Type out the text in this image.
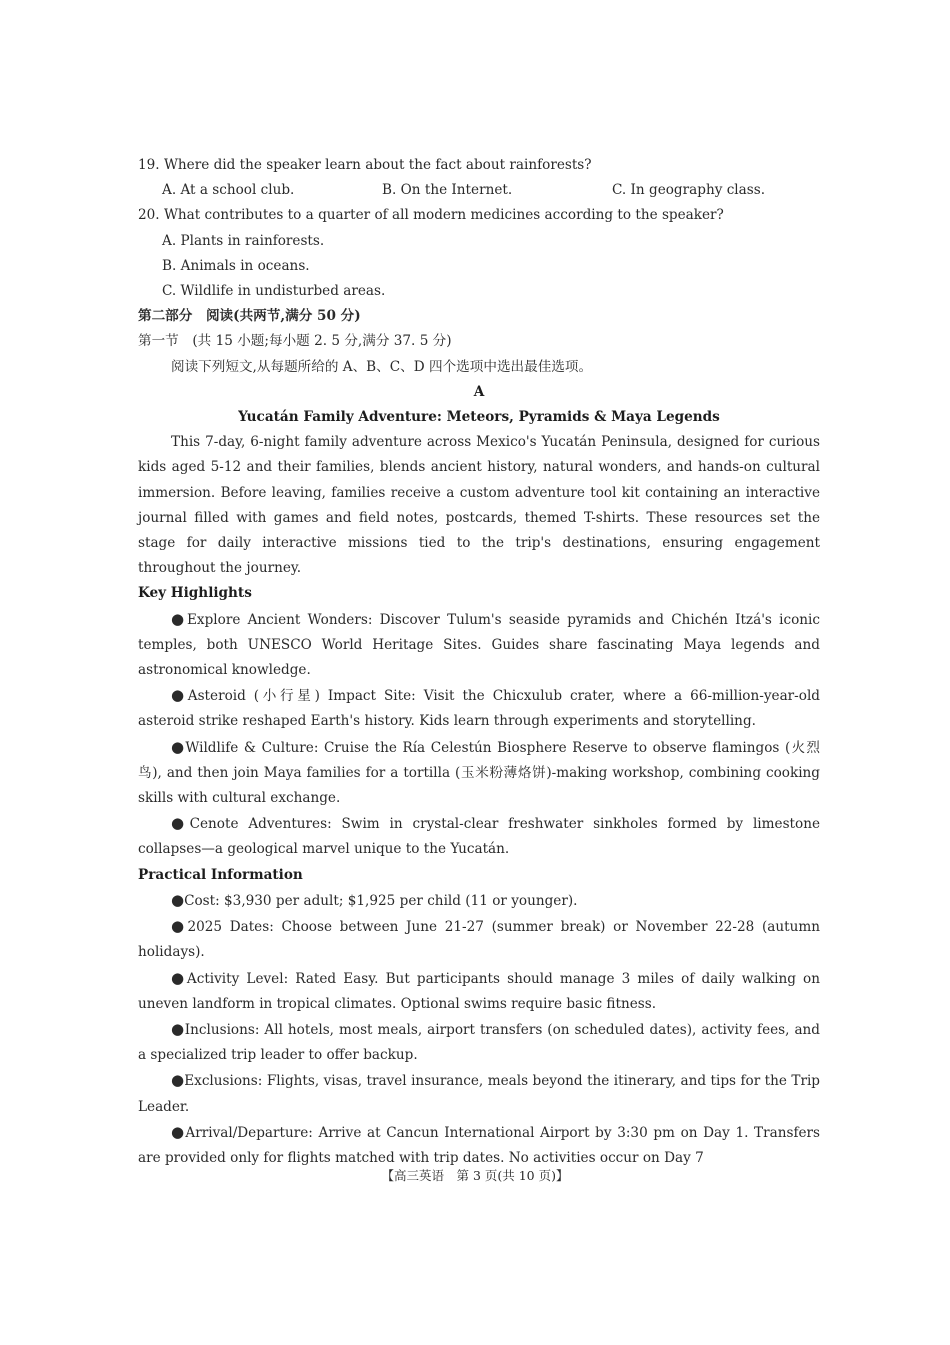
19. Where did the speaker learn about the fact about rainforests?
A. At a school club.	B. On the Internet.	C. In geography class.
20. What contributes to a quarter of all modern medicines according to the speaker?
A. Plants in rainforests.
B. Animals in oceans.
C. Wildlife in undisturbed areas.
第二部分　阅读(共两节,满分 50 分)
第一节　(共 15 小题;每小题 2. 5 分,满分 37. 5 分)
阅读下列短文,从每题所给的 A、B、C、D 四个选项中选出最佳选项。
A
Yucatán Family Adventure: Meteors, Pyramids & Maya Legends

This 7-day, 6-night family adventure across Mexico's Yucatán Peninsula, designed for curious kids aged 5-12 and their families, blends ancient history, natural wonders, and hands-on cultural immersion. Before leaving, families receive a custom adventure tool kit containing an interactive journal filled with games and field notes, postcards, themed T-shirts. These resources set the stage for daily interactive missions tied to the trip's destinations, ensuring engagement throughout the journey.

Key Highlights

●Explore Ancient Wonders: Discover Tulum's seaside pyramids and Chichén Itzá's iconic temples, both UNESCO World Heritage Sites. Guides share fascinating Maya legends and astronomical knowledge.

●Asteroid (小行星) Impact Site: Visit the Chicxulub crater, where a 66-million-year-old asteroid strike reshaped Earth's history. Kids learn through experiments and storytelling.

●Wildlife & Culture: Cruise the Ría Celestún Biosphere Reserve to observe flamingos (火烈鸟), and then join Maya families for a tortilla (玉米粉薄烙饼)-making workshop, combining cooking skills with cultural exchange.

●Cenote Adventures: Swim in crystal-clear freshwater sinkholes formed by limestone collapses—a geological marvel unique to the Yucatán.

Practical Information

●Cost: $3,930 per adult; $1,925 per child (11 or younger).

●2025 Dates: Choose between June 21-27 (summer break) or November 22-28 (autumn holidays).

●Activity Level: Rated Easy. But participants should manage 3 miles of daily walking on uneven landform in tropical climates. Optional swims require basic fitness.

●Inclusions: All hotels, most meals, airport transfers (on scheduled dates), activity fees, and a specialized trip leader to offer backup.

●Exclusions: Flights, visas, travel insurance, meals beyond the itinerary, and tips for the Trip Leader.

●Arrival/Departure: Arrive at Cancun International Airport by 3:30 pm on Day 1. Transfers are provided only for flights matched with trip dates. No activities occur on Day 7

【高三英语　第 3 页(共 10 页)】
